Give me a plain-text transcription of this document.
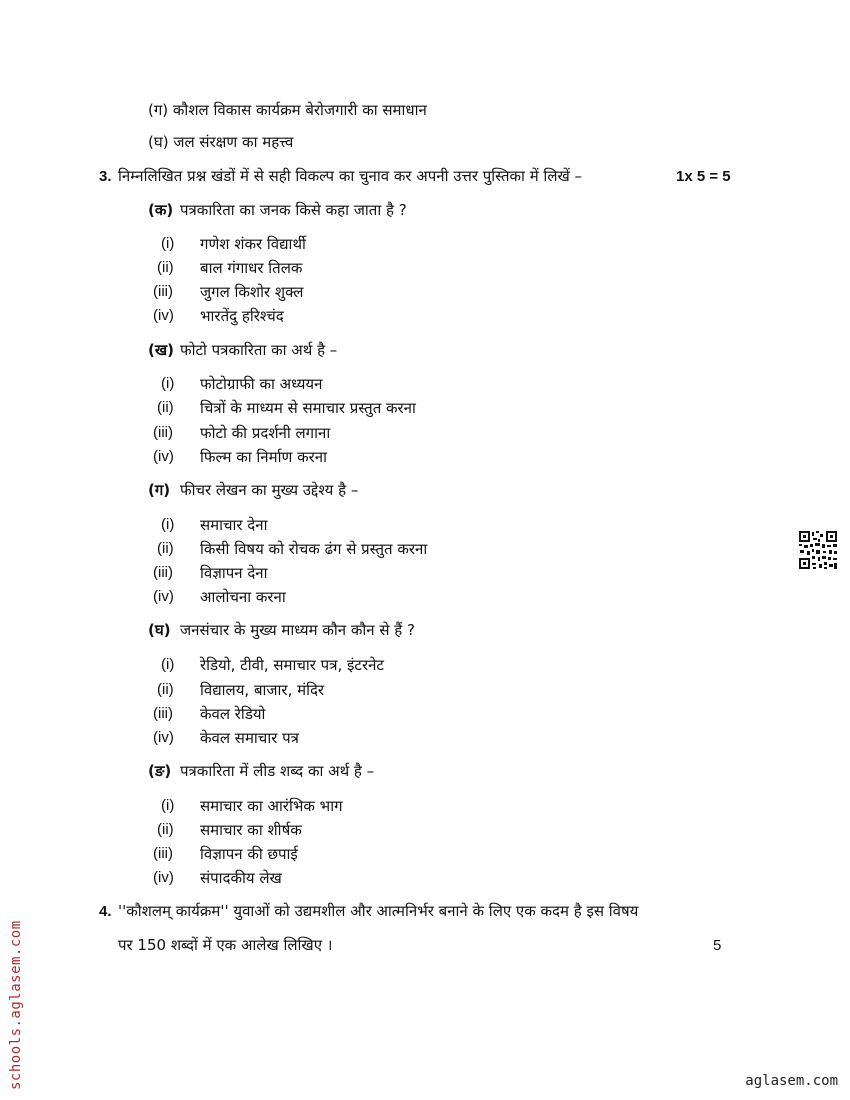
(ग) कौशल विकास कार्यक्रम बेरोजगारी का समाधान
(घ) जल संरक्षण का महत्त्व
3. निम्नलिखित प्रश्न खंडों में से सही विकल्प का चुनाव कर अपनी उत्तर पुस्तिका में लिखें –	1x 5 = 5
(क) पत्रकारिता का जनक किसे कहा जाता है ?
(i) गणेश शंकर विद्यार्थी
(ii) बाल गंगाधर तिलक
(iii) जुगल किशोर शुक्ल
(iv) भारतेंदु हरिश्चंद
(ख) फोटो पत्रकारिता का अर्थ है –
(i) फोटोग्राफी का अध्ययन
(ii) चित्रों के माध्यम से समाचार प्रस्तुत करना
(iii) फोटो की प्रदर्शनी लगाना
(iv) फिल्म का निर्माण करना
(ग) फीचर लेखन का मुख्य उद्देश्य है –
(i) समाचार देना
(ii) किसी विषय को रोचक ढंग से प्रस्तुत करना
(iii) विज्ञापन देना
(iv) आलोचना करना
(घ) जनसंचार के मुख्य माध्यम कौन कौन से हैं ?
(i) रेडियो, टीवी, समाचार पत्र, इंटरनेट
(ii) विद्यालय, बाजार, मंदिर
(iii) केवल रेडियो
(iv) केवल समाचार पत्र
(ङ) पत्रकारिता में लीड शब्द का अर्थ है –
(i) समाचार का आरंभिक भाग
(ii) समाचार का शीर्षक
(iii) विज्ञापन की छपाई
(iv) संपादकीय लेख
4. ''कौशलम् कार्यक्रम'' युवाओं को उद्यमशील और आत्मनिर्भर बनाने के लिए एक कदम है इस विषय
पर 150 शब्दों में एक आलेख लिखिए ।	5
schools.aglasem.com	aglasem.com
